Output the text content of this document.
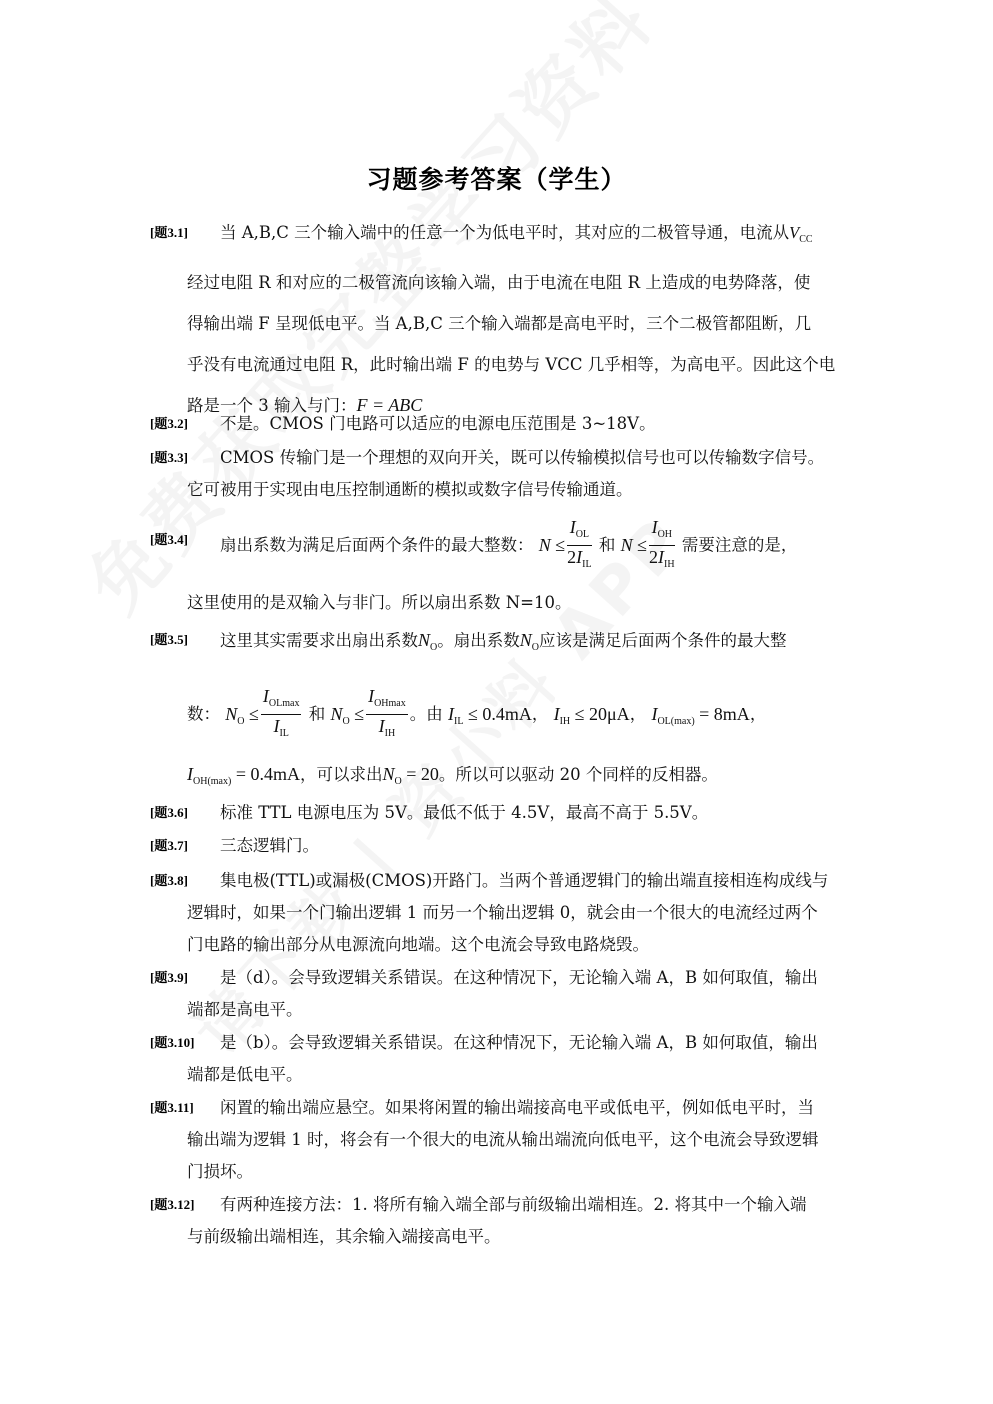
习题参考答案（学生）
[题3.1] 当 A,B,C 三个输入端中的任意一个为低电平时，其对应的二极管导通，电流从$V_{CC}$
经过电阻 R 和对应的二极管流向该输入端，由于电流在电阻 R 上造成的电势降落，使
得输出端 F 呈现低电平。当 A,B,C 三个输入端都是高电平时，三个二极管都阻断，几
乎没有电流通过电阻 R，此时输出端 F 的电势与 VCC 几乎相等，为高电平。因此这个电
路是一个 3 输入与门：F = ABC
[题3.2] 不是。CMOS 门电路可以适应的电源电压范围是 3~18V。
[题3.3] CMOS 传输门是一个理想的双向开关，既可以传输模拟信号也可以传输数字信号。
它可被用于实现由电压控制通断的模拟或数字信号传输通道。
[题3.4] 扇出系数为满足后面两个条件的最大整数： $N \le \frac{I_{OL}}{2I_{IL}}$ 和 $N \le \frac{I_{OH}}{2I_{IH}}$ 需要注意的是，
这里使用的是双输入与非门。所以扇出系数 N=10。
[题3.5] 这里其实需要求出扇出系数$N_O$。扇出系数$N_O$应该是满足后面两个条件的最大整
数： $N_O \le \frac{I_{OLmax}}{I_{IL}}$ 和 $N_O \le \frac{I_{OHmax}}{I_{IH}}$ 。由 $I_{IL} \le 0.4mA$， $I_{IH} \le 20\mu A$， $I_{OL(max)} = 8mA$，
$I_{OH(max)} = 0.4mA$，可以求出$N_O = 20$。所以可以驱动 20 个同样的反相器。
[题3.6] 标准 TTL 电源电压为 5V。最低不低于 4.5V，最高不高于 5.5V。
[题3.7] 三态逻辑门。
[题3.8] 集电极(TTL)或漏极(CMOS)开路门。当两个普通逻辑门的输出端直接相连构成线与
逻辑时，如果一个门输出逻辑 1 而另一个输出逻辑 0，就会由一个很大的电流经过两个
门电路的输出部分从电源流向地端。这个电流会导致电路烧毁。
[题3.9] 是（d）。会导致逻辑关系错误。在这种情况下，无论输入端 A，B 如何取值，输出
端都是高电平。
[题3.10] 是（b）。会导致逻辑关系错误。在这种情况下，无论输入端 A，B 如何取值，输出
端都是低电平。
[题3.11] 闲置的输出端应悬空。如果将闲置的输出端接高电平或低电平，例如低电平时，当
输出端为逻辑 1 时，将会有一个很大的电流从输出端流向低电平，这个电流会导致逻辑
门损坏。
[题3.12] 有两种连接方法：1. 将所有输入端全部与前级输出端相连。2. 将其中一个输入端
与前级输出端相连，其余输入端接高电平。
